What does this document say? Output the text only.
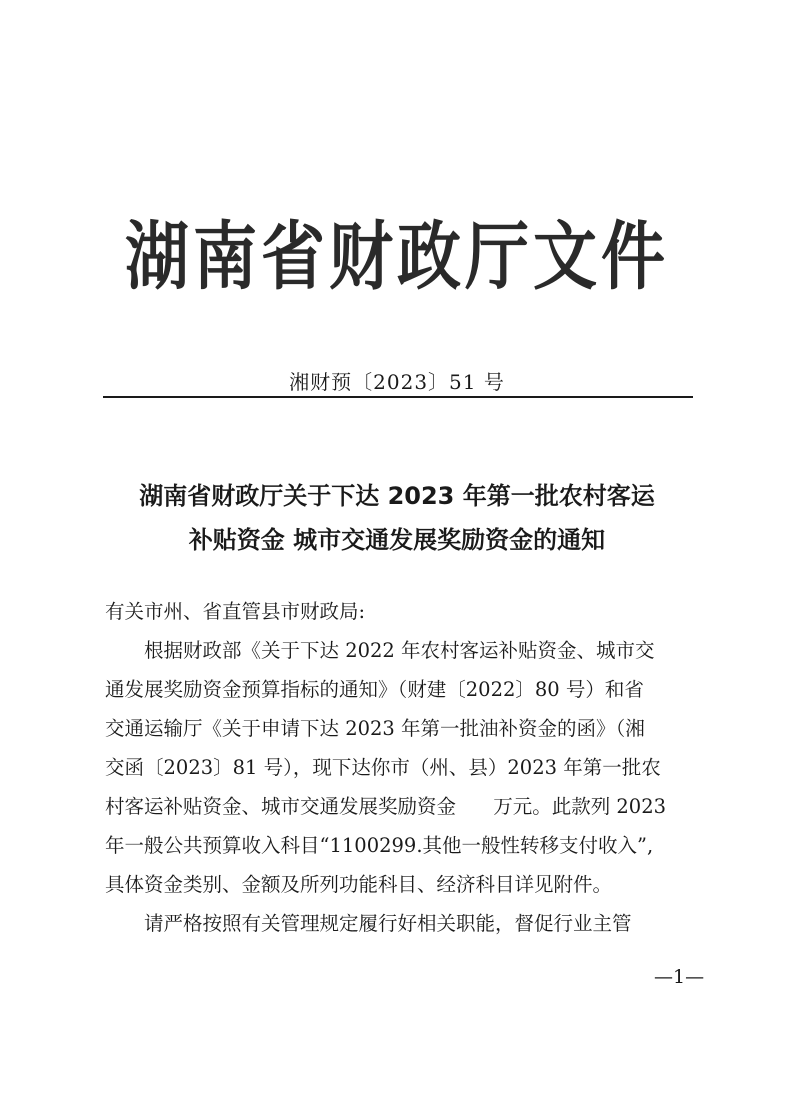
湖南省财政厅文件
湘财预〔2023〕51 号
湖南省财政厅关于下达 2023 年第一批农村客运
补贴资金 城市交通发展奖励资金的通知

有关市州、省直管县市财政局:

根据财政部《关于下达 2022 年农村客运补贴资金、城市交
通发展奖励资金预算指标的通知》（财建〔2022〕80 号）和省
交通运输厅《关于申请下达 2023 年第一批油补资金的函》（湘
交函〔2023〕81 号），现下达你市（州、县）2023 年第一批农
村客运补贴资金、城市交通发展奖励资金      万元。此款列 2023
年一般公共预算收入科目“1100299.其他一般性转移支付收入”,
具体资金类别、金额及所列功能科目、经济科目详见附件。

请严格按照有关管理规定履行好相关职能，督促行业主管

—1—
